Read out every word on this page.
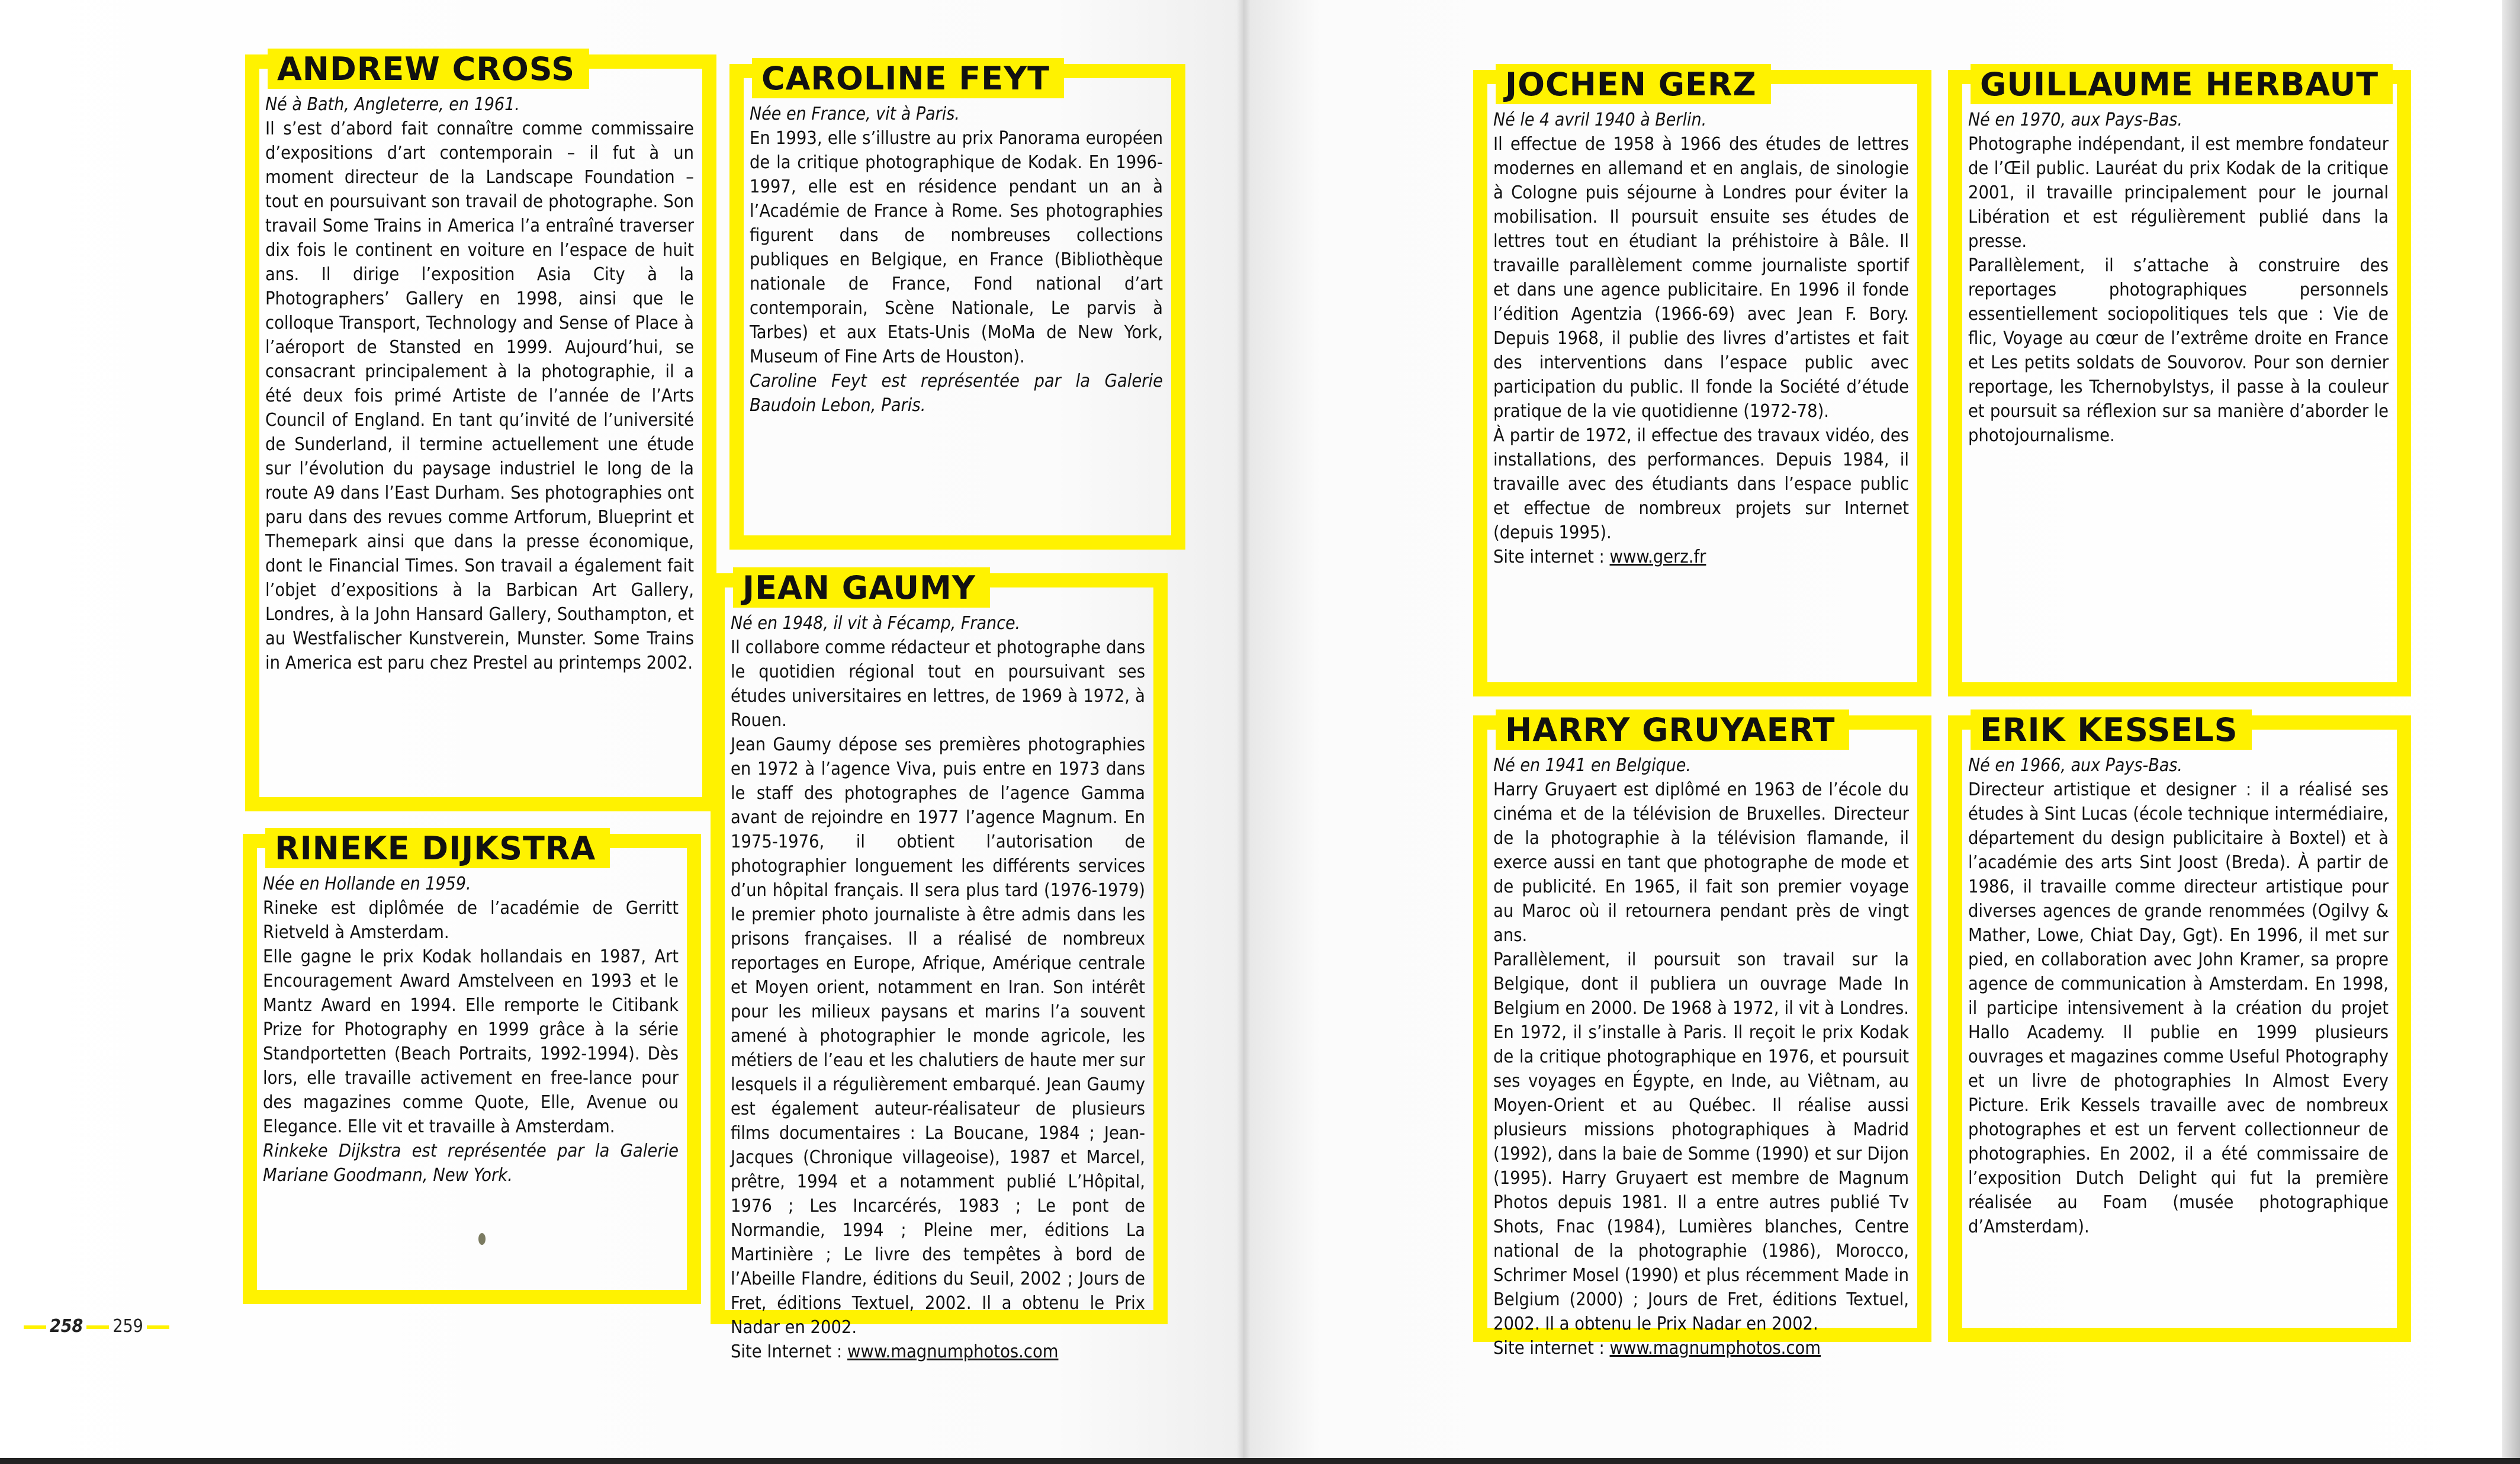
ANDREW CROSS

Né à Bath, Angleterre, en 1961.

Il s’est d’abord fait connaître comme commissaire d’expositions d’art contemporain – il fut à un moment directeur de la Landscape Foundation – tout en poursuivant son travail de photographe. Son travail Some Trains in America l’a entraîné traverser dix fois le continent en voiture en l’espace de huit ans. Il dirige l’exposition Asia City à la Photographers’ Gallery en 1998, ainsi que le colloque Transport, Technology and Sense of Place à l’aéroport de Stansted en 1999. Aujourd’hui, se consacrant principalement à la photographie, il a été deux fois primé Artiste de l’année de l’Arts Council of England. En tant qu’invité de l’université de Sunderland, il termine actuellement une étude sur l’évolution du paysage industriel le long de la route A9 dans l’East Durham. Ses photographies ont paru dans des revues comme Artforum, Blueprint et Themepark ainsi que dans la presse économique, dont le Financial Times. Son travail a également fait l’objet d’expositions à la Barbican Art Gallery, Londres, à la John Hansard Gallery, Southampton, et au Westfalischer Kunstverein, Munster. Some Trains in America est paru chez Prestel au printemps 2002.

RINEKE DIJKSTRA

Née en Hollande en 1959.

Rineke est diplômée de l’académie de Gerritt Rietveld à Amsterdam.

Elle gagne le prix Kodak hollandais en 1987, Art Encouragement Award Amstelveen en 1993 et le Mantz Award en 1994. Elle remporte le Citibank Prize for Photography en 1999 grâce à la série Standportetten (Beach Portraits, 1992-1994). Dès lors, elle travaille activement en free-lance pour des magazines comme Quote, Elle, Avenue ou Elegance. Elle vit et travaille à Amsterdam.

Rinkeke Dijkstra est représentée par la Galerie Mariane Goodmann, New York.

CAROLINE FEYT

Née en France, vit à Paris.

En 1993, elle s’illustre au prix Panorama européen de la critique photographique de Kodak. En 1996-1997, elle est en résidence pendant un an à l’Académie de France à Rome. Ses photographies figurent dans de nombreuses collections publiques en Belgique, en France (Bibliothèque nationale de France, Fond national d’art contemporain, Scène Nationale, Le parvis à Tarbes) et aux Etats-Unis (MoMa de New York, Museum of Fine Arts de Houston).

Caroline Feyt est représentée par la Galerie Baudoin Lebon, Paris.

JEAN GAUMY

Né en 1948, il vit à Fécamp, France.

Il collabore comme rédacteur et photographe dans le quotidien régional tout en poursuivant ses études universitaires en lettres, de 1969 à 1972, à Rouen.

Jean Gaumy dépose ses premières photographies en 1972 à l’agence Viva, puis entre en 1973 dans le staff des photographes de l’agence Gamma avant de rejoindre en 1977 l’agence Magnum. En 1975-1976, il obtient l’autorisation de photographier longuement les différents services d’un hôpital français. Il sera plus tard (1976-1979) le premier photo journaliste à être admis dans les prisons françaises. Il a réalisé de nombreux reportages en Europe, Afrique, Amérique centrale et Moyen orient, notamment en Iran. Son intérêt pour les milieux paysans et marins l’a souvent amené à photographier le monde agricole, les métiers de l’eau et les chalutiers de haute mer sur lesquels il a régulièrement embarqué. Jean Gaumy est également auteur-réalisateur de plusieurs films documentaires : La Boucane, 1984 ; Jean-Jacques (Chronique villageoise), 1987 et Marcel, prêtre, 1994 et a notamment publié L’Hôpital, 1976 ; Les Incarcérés, 1983 ; Le pont de Normandie, 1994 ; Pleine mer, éditions La Martinière ; Le livre des tempêtes à bord de l’Abeille Flandre, éditions du Seuil, 2002 ; Jours de Fret, éditions Textuel, 2002. Il a obtenu le Prix Nadar en 2002.

Site Internet : www.magnumphotos.com

JOCHEN GERZ

Né le 4 avril 1940 à Berlin.

Il effectue de 1958 à 1966 des études de lettres modernes en allemand et en anglais, de sinologie à Cologne puis séjourne à Londres pour éviter la mobilisation. Il poursuit ensuite ses études de lettres tout en étudiant la préhistoire à Bâle. Il travaille parallèlement comme journaliste sportif et dans une agence publicitaire. En 1996 il fonde l’édition Agentzia (1966-69) avec Jean F. Bory. Depuis 1968, il publie des livres d’artistes et fait des interventions dans l’espace public avec participation du public. Il fonde la Société d’étude pratique de la vie quotidienne (1972-78).

À partir de 1972, il effectue des travaux vidéo, des installations, des performances. Depuis 1984, il travaille avec des étudiants dans l’espace public et effectue de nombreux projets sur Internet (depuis 1995).

Site internet : www.gerz.fr

HARRY GRUYAERT

Né en 1941 en Belgique.

Harry Gruyaert est diplômé en 1963 de l’école du cinéma et de la télévision de Bruxelles. Directeur de la photographie à la télévision flamande, il exerce aussi en tant que photographe de mode et de publicité. En 1965, il fait son premier voyage au Maroc où il retournera pendant près de vingt ans.

Parallèlement, il poursuit son travail sur la Belgique, dont il publiera un ouvrage Made In Belgium en 2000. De 1968 à 1972, il vit à Londres. En 1972, il s’installe à Paris. Il reçoit le prix Kodak de la critique photographique en 1976, et poursuit ses voyages en Égypte, en Inde, au Viêtnam, au Moyen-Orient et au Québec. Il réalise aussi plusieurs missions photographiques à Madrid (1992), dans la baie de Somme (1990) et sur Dijon (1995). Harry Gruyaert est membre de Magnum Photos depuis 1981. Il a entre autres publié Tv Shots, Fnac (1984), Lumières blanches, Centre national de la photographie (1986), Morocco, Schrimer Mosel (1990) et plus récemment Made in Belgium (2000) ; Jours de Fret, éditions Textuel, 2002. Il a obtenu le Prix Nadar en 2002.

Site internet : www.magnumphotos.com

GUILLAUME HERBAUT

Né en 1970, aux Pays-Bas.

Photographe indépendant, il est membre fondateur de l’Œil public. Lauréat du prix Kodak de la critique 2001, il travaille principalement pour le journal Libération et est régulièrement publié dans la presse.

Parallèlement, il s’attache à construire des reportages photographiques personnels essentiellement sociopolitiques tels que : Vie de flic, Voyage au cœur de l’extrême droite en France et Les petits soldats de Souvorov. Pour son dernier reportage, les Tchernobylstys, il passe à la couleur et poursuit sa réflexion sur sa manière d’aborder le photojournalisme.

ERIK KESSELS

Né en 1966, aux Pays-Bas.

Directeur artistique et designer : il a réalisé ses études à Sint Lucas (école technique intermédiaire, département du design publicitaire à Boxtel) et à l’académie des arts Sint Joost (Breda). À partir de 1986, il travaille comme directeur artistique pour diverses agences de grande renommées (Ogilvy & Mather, Lowe, Chiat Day, Ggt). En 1996, il met sur pied, en collaboration avec John Kramer, sa propre agence de communication à Amsterdam. En 1998, il participe intensivement à la création du projet Hallo Academy. Il publie en 1999 plusieurs ouvrages et magazines comme Useful Photography et un livre de photographies In Almost Every Picture. Erik Kessels travaille avec de nombreux photographes et est un fervent collectionneur de photographies. En 2002, il a été commissaire de l’exposition Dutch Delight qui fut la première réalisée au Foam (musée photographique d’Amsterdam).

258 259
